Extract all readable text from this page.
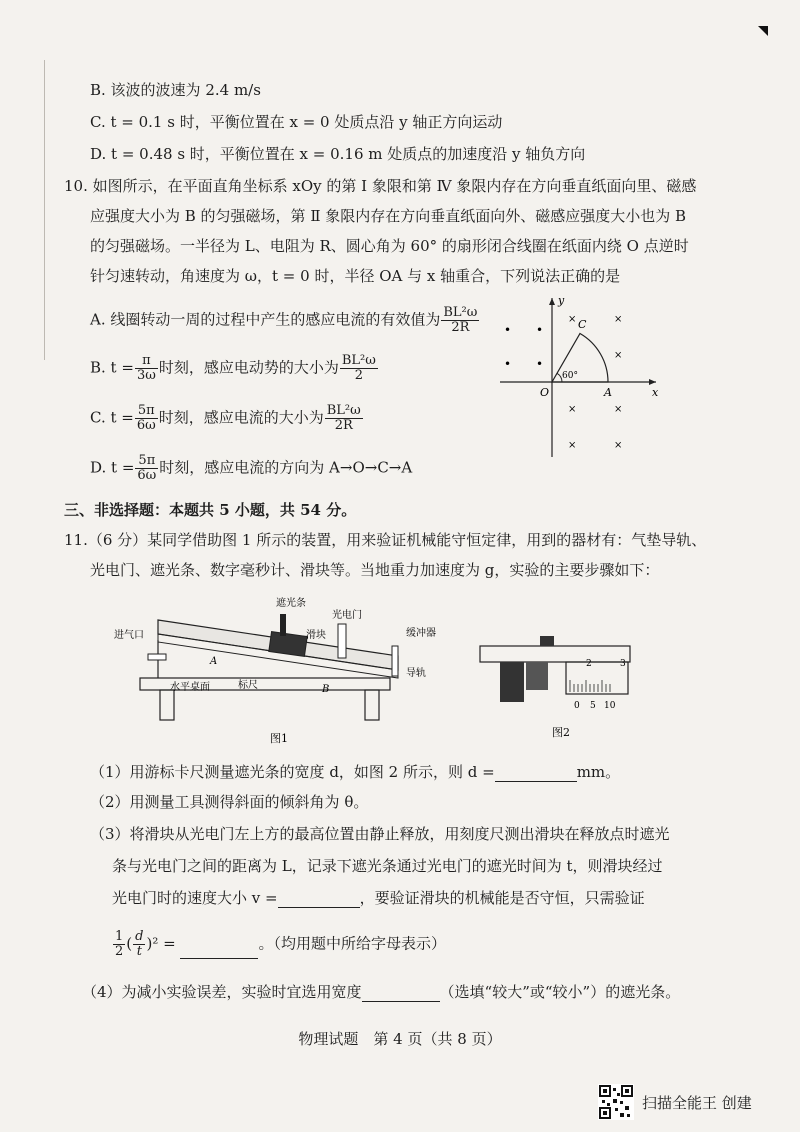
B. 该波的波速为 2.4 m/s
C. t = 0.1 s 时，平衡位置在 x = 0 处质点沿 y 轴正方向运动
D. t = 0.48 s 时，平衡位置在 x = 0.16 m 处质点的加速度沿 y 轴负方向
10. 如图所示，在平面直角坐标系 xOy 的第 Ⅰ 象限和第 Ⅳ 象限内存在方向垂直纸面向里、磁感
应强度大小为 B 的匀强磁场，第 Ⅱ 象限内存在方向垂直纸面向外、磁感应强度大小也为 B
的匀强磁场。一半径为 L、电阻为 R、圆心角为 60° 的扇形闭合线圈在纸面内绕 O 点逆时
针匀速转动，角速度为 ω，t = 0 时，半径 OA 与 x 轴重合，下列说法正确的是
A. 线圈转动一周的过程中产生的感应电流的有效值为 $\frac{\text{BL²ω}}{2R}$
B. $t = \frac{\pi}{3\omega}$ 时刻，感应电动势的大小为 $\frac{\text{BL²ω}}{2}$
C. $t = \frac{5\pi}{6\omega}$ 时刻，感应电流的大小为 $\frac{\text{BL²ω}}{2R}$
D. $t = \frac{5\pi}{6\omega}$ 时刻，感应电流的方向为 A→O→C→A
y
x
O	A
C
60°
• •
• •
×	×
×
×	×
×	×
三、非选择题：本题共 5 小题，共 54 分。
11.（6 分）某同学借助图 1 所示的装置，用来验证机械能守恒定律，用到的器材有：气垫导轨、
光电门、遮光条、数字毫秒计、滑块等。当地重力加速度为 g，实验的主要步骤如下：
遮光条
光电门
滑块
进气口	缓冲器
导轨
水平桌面	标尺
A
B
图1
2	3
0 5 10
图2
（1）用游标卡尺测量遮光条的宽度 d，如图 2 所示，则 d =	mm。
（2）用测量工具测得斜面的倾斜角为 θ。
（3）将滑块从光电门左上方的最高位置由静止释放，用刻度尺测出滑块在释放点时遮光
条与光电门之间的距离为 L，记录下遮光条通过光电门的遮光时间为 t，则滑块经过
光电门时的速度大小 v =	，要验证滑块的机械能是否守恒，只需验证
$\frac{1}{2}$ ( $\frac{d}{t} )^2$ =	。（均用题中所给字母表示）
（4）为减小实验误差，实验时宜选用宽度	（选填“较大”或“较小”）的遮光条。
物理试题　第 4 页（共 8 页）
扫描全能王 创建
